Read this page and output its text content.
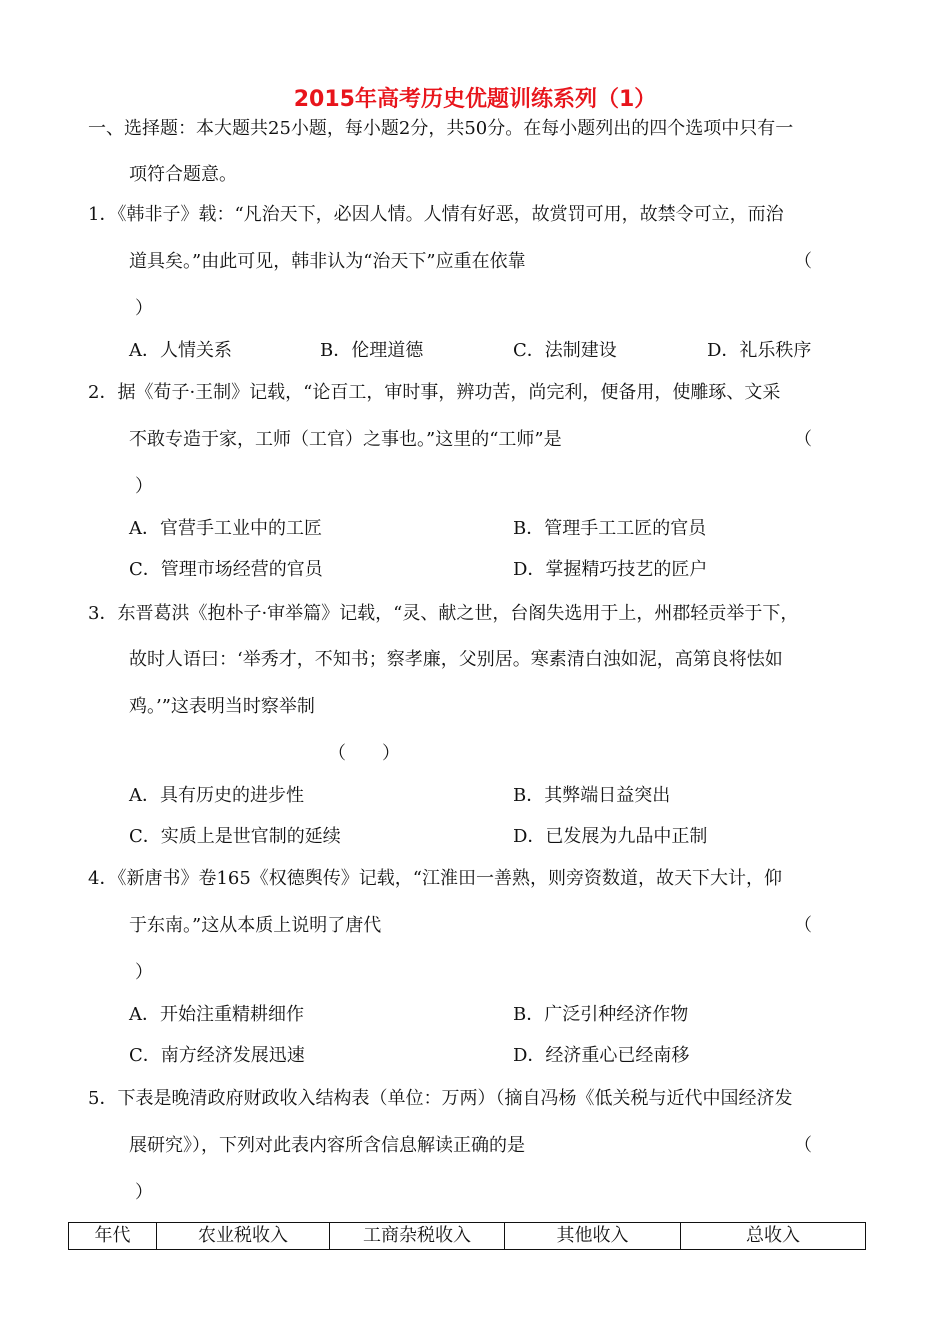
2015年高考历史优题训练系列（1）
一、选择题：本大题共25小题，每小题2分，共50分。在每小题列出的四个选项中只有一
项符合题意。
1．《韩非子》载：“凡治天下，必因人情。人情有好恶，故赏罚可用，故禁令可立，而治
道具矣。”由此可见，韩非认为“治天下”应重在依靠	（
）
A．人情关系	B．伦理道德	C．法制建设	D．礼乐秩序
2．据《荀子·王制》记载，“论百工，审时事，辨功苦，尚完利，便备用，使雕琢、文采
不敢专造于家，工师（工官）之事也。”这里的“工师”是	（
）
A．官营手工业中的工匠	B．管理手工工匠的官员
C．管理市场经营的官员	D．掌握精巧技艺的匠户
3．东晋葛洪《抱朴子·审举篇》记载，“灵、献之世，台阁失选用于上，州郡轻贡举于下，
故时人语曰：‘举秀才，不知书；察孝廉，父别居。寒素清白浊如泥，高第良将怯如
鸡。’”这表明当时察举制
（　　）
A．具有历史的进步性	B．其弊端日益突出
C．实质上是世官制的延续	D．已发展为九品中正制
4．《新唐书》卷165《权德舆传》记载，“江淮田一善熟，则旁资数道，故天下大计，仰
于东南。”这从本质上说明了唐代	（
）
A．开始注重精耕细作	B．广泛引种经济作物
C．南方经济发展迅速	D．经济重心已经南移
5．下表是晚清政府财政收入结构表（单位：万两）（摘自冯杨《低关税与近代中国经济发
展研究》），下列对此表内容所含信息解读正确的是	（
）
年代	农业税收入	工商杂税收入	其他收入	总收入
